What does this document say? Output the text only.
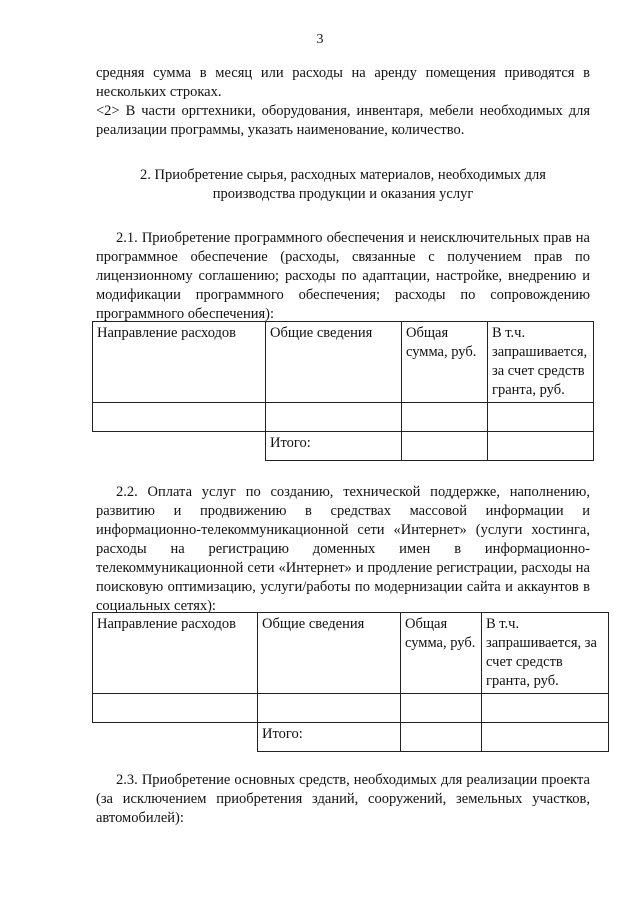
3

средняя сумма в месяц или расходы на аренду помещения приводятся в нескольких строках.

<2> В части оргтехники, оборудования, инвентаря, мебели необходимых для реализации программы, указать наименование, количество.

2. Приобретение сырья, расходных материалов, необходимых для

производства продукции и оказания услуг

2.1. Приобретение программного обеспечения и неисключительных прав на программное обеспечение (расходы, связанные с получением прав по лицензионному соглашению; расходы по адаптации, настройке, внедрению и модификации программного обеспечения; расходы по сопровождению программного обеспечения):

Направление расходов	Общие сведения	Общая сумма, руб.	В т.ч. запрашивается, за счет средств гранта, руб.

	Итого:		

2.2. Оплата услуг по созданию, технической поддержке, наполнению, развитию и продвижению в средствах массовой информации и информационно-телекоммуникационной сети «Интернет» (услуги хостинга, расходы на регистрацию доменных имен в информационно-телекоммуникационной сети «Интернет» и продление регистрации, расходы на поисковую оптимизацию, услуги/работы по модернизации сайта и аккаунтов в социальных сетях):

Направление расходов	Общие сведения	Общая сумма, руб.	В т.ч. запрашивается, за счет средств гранта, руб.

	Итого:		

2.3. Приобретение основных средств, необходимых для реализации проекта (за исключением приобретения зданий, сооружений, земельных участков, автомобилей):
